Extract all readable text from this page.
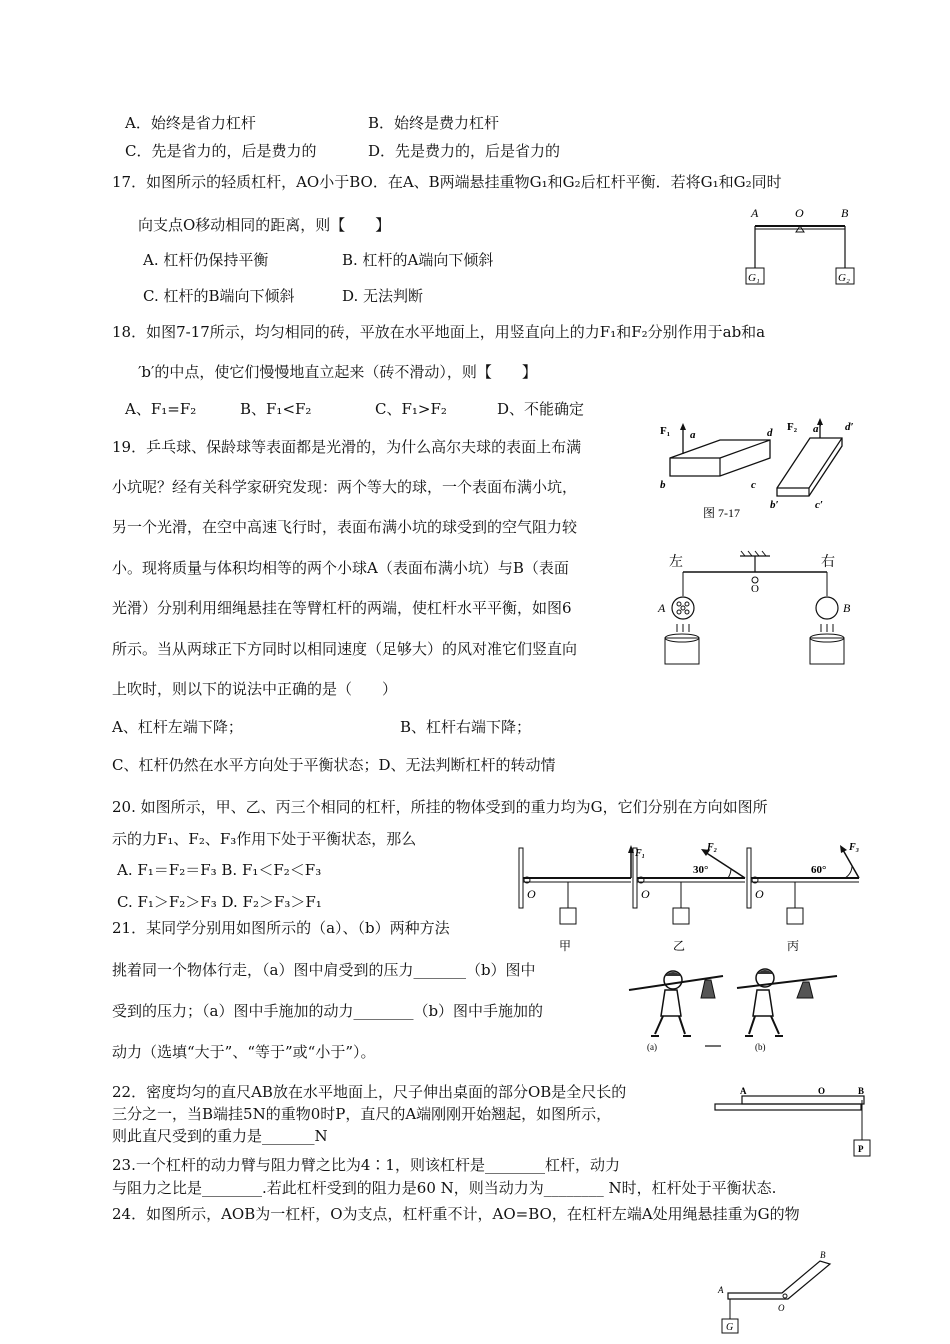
A．始终是省力杠杆	B．始终是费力杠杆
C．先是省力的，后是费力的	D．先是费力的，后是省力的
17．如图所示的轻质杠杆，AO小于BO．在A、B两端悬挂重物G₁和G₂后杠杆平衡．若将G₁和G₂同时
向支点O移动相同的距离，则【　　】
A. 杠杆仍保持平衡	B. 杠杆的A端向下倾斜
C. 杠杆的B端向下倾斜	D. 无法判断
A	O	B
G₁	G₂
18．如图7-17所示，均匀相同的砖，平放在水平地面上，用竖直向上的力F₁和F₂分别作用于ab和a
′b′的中点，使它们慢慢地直立起来（砖不滑动），则【　　】
A、F₁=F₂	B、F₁<F₂	C、F₁>F₂	D、不能确定
F₁ a	d
b	c
F₂ a′ d′
b′	c′
图 7-17
19．乒乓球、保龄球等表面都是光滑的，为什么高尔夫球的表面上布满
小坑呢？经有关科学家研究发现：两个等大的球，一个表面布满小坑，
另一个光滑，在空中高速飞行时，表面布满小坑的球受到的空气阻力较
小。现将质量与体积均相等的两个小球A（表面布满小坑）与B（表面
光滑）分别利用细绳悬挂在等臂杠杆的两端，使杠杆水平平衡，如图6
所示。当从两球正下方同时以相同速度（足够大）的风对准它们竖直向
上吹时，则以下的说法中正确的是（　　）
A、杠杆左端下降；	B、杠杆右端下降；
C、杠杆仍然在水平方向处于平衡状态；D、无法判断杠杆的转动情
左	右
O
A	B
20. 如图所示，甲、乙、丙三个相同的杠杆，所挂的物体受到的重力均为G，它们分别在方向如图所
示的力F₁、F₂、F₃作用下处于平衡状态，那么
A. F₁＝F₂＝F₃ B. F₁＜F₂＜F₃
C. F₁＞F₂＞F₃ D. F₂＞F₃＞F₁
F₁
O
甲
F₂
30°
O
乙
F₃
60°
O
丙
21．某同学分别用如图所示的（a）、（b）两种方法
挑着同一个物体行走，（a）图中肩受到的压力_______（b）图中
受到的压力；（a）图中手施加的动力________（b）图中手施加的
动力（选填“大于”、“等于”或“小于”）。	(a)	(b)
22．密度均匀的直尺AB放在水平地面上，尺子伸出桌面的部分OB是全尺长的
三分之一，当B端挂5N的重物0时P，直尺的A端刚刚开始翘起，如图所示，
则此直尺受到的重力是_______N
A	O	B
P
23.一个杠杆的动力臂与阻力臂之比为4∶1，则该杠杆是________杠杆，动力
与阻力之比是________.若此杠杆受到的阻力是60 N，则当动力为________ N时，杠杆处于平衡状态.
24．如图所示，AOB为一杠杆，O为支点，杠杆重不计，AO=BO，在杠杆左端A处用绳悬挂重为G的物
A
O
B
G
